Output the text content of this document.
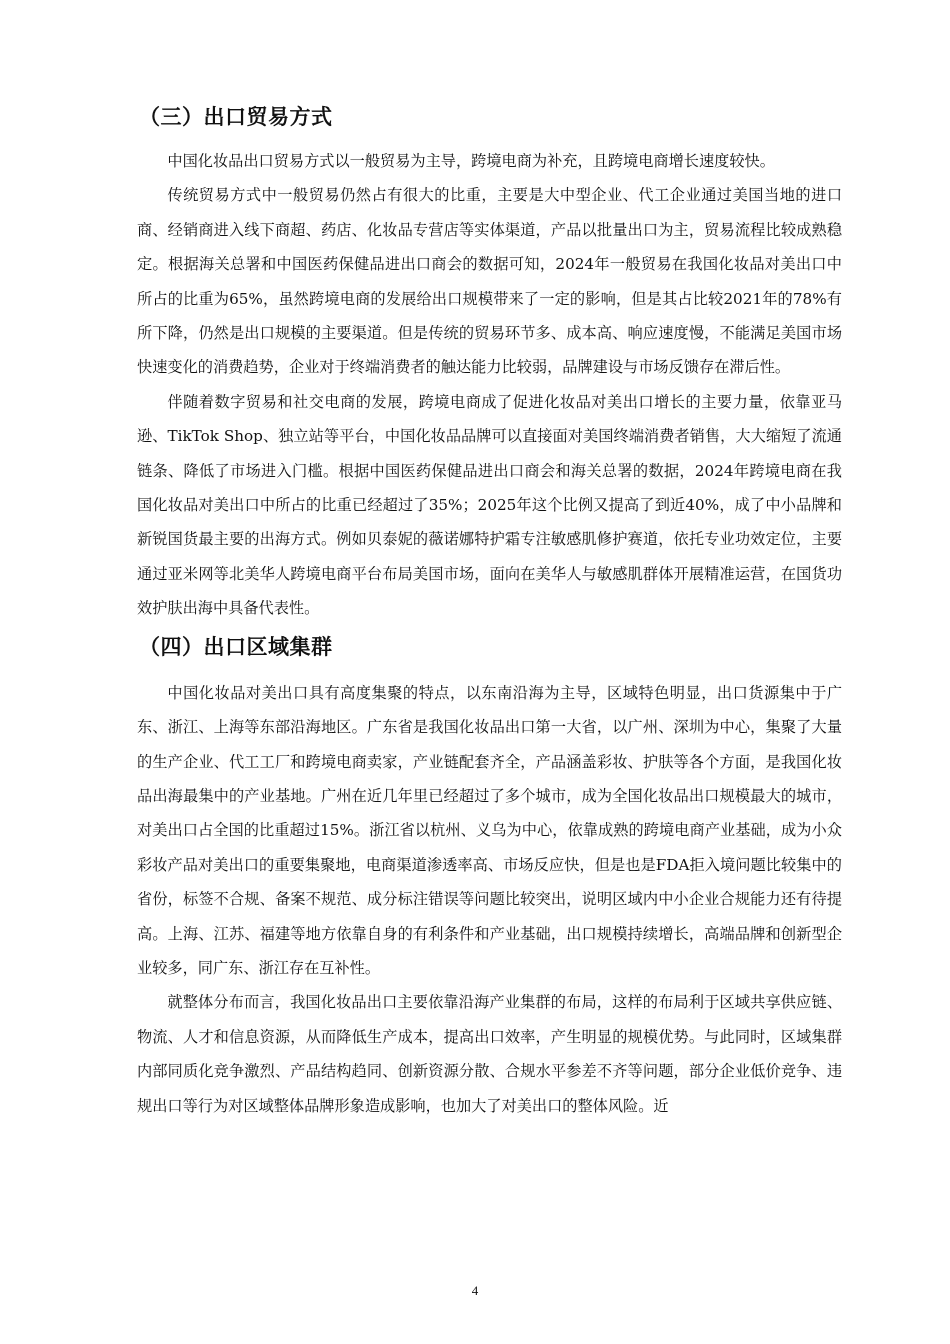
（三）出口贸易方式

中国化妆品出口贸易方式以一般贸易为主导，跨境电商为补充，且跨境电商增长速度较快。

传统贸易方式中一般贸易仍然占有很大的比重，主要是大中型企业、代工企业通过美国当地的进口商、经销商进入线下商超、药店、化妆品专营店等实体渠道，产品以批量出口为主，贸易流程比较成熟稳定。根据海关总署和中国医药保健品进出口商会的数据可知，2024年一般贸易在我国化妆品对美出口中所占的比重为65%，虽然跨境电商的发展给出口规模带来了一定的影响，但是其占比较2021年的78%有所下降，仍然是出口规模的主要渠道。但是传统的贸易环节多、成本高、响应速度慢，不能满足美国市场快速变化的消费趋势，企业对于终端消费者的触达能力比较弱，品牌建设与市场反馈存在滞后性。

伴随着数字贸易和社交电商的发展，跨境电商成了促进化妆品对美出口增长的主要力量，依靠亚马逊、TikTok Shop、独立站等平台，中国化妆品品牌可以直接面对美国终端消费者销售，大大缩短了流通链条、降低了市场进入门槛。根据中国医药保健品进出口商会和海关总署的数据，2024年跨境电商在我国化妆品对美出口中所占的比重已经超过了35%；2025年这个比例又提高了到近40%，成了中小品牌和新锐国货最主要的出海方式。例如贝泰妮的薇诺娜特护霜专注敏感肌修护赛道，依托专业功效定位，主要通过亚米网等北美华人跨境电商平台布局美国市场，面向在美华人与敏感肌群体开展精准运营，在国货功效护肤出海中具备代表性。

（四）出口区域集群

中国化妆品对美出口具有高度集聚的特点，以东南沿海为主导，区域特色明显，出口货源集中于广东、浙江、上海等东部沿海地区。广东省是我国化妆品出口第一大省，以广州、深圳为中心，集聚了大量的生产企业、代工工厂和跨境电商卖家，产业链配套齐全，产品涵盖彩妆、护肤等各个方面，是我国化妆品出海最集中的产业基地。广州在近几年里已经超过了多个城市，成为全国化妆品出口规模最大的城市，对美出口占全国的比重超过15%。浙江省以杭州、义乌为中心，依靠成熟的跨境电商产业基础，成为小众彩妆产品对美出口的重要集聚地，电商渠道渗透率高、市场反应快，但是也是FDA拒入境问题比较集中的省份，标签不合规、备案不规范、成分标注错误等问题比较突出，说明区域内中小企业合规能力还有待提高。上海、江苏、福建等地方依靠自身的有利条件和产业基础，出口规模持续增长，高端品牌和创新型企业较多，同广东、浙江存在互补性。

就整体分布而言，我国化妆品出口主要依靠沿海产业集群的布局，这样的布局利于区域共享供应链、物流、人才和信息资源，从而降低生产成本，提高出口效率，产生明显的规模优势。与此同时，区域集群内部同质化竞争激烈、产品结构趋同、创新资源分散、合规水平参差不齐等问题，部分企业低价竞争、违规出口等行为对区域整体品牌形象造成影响，也加大了对美出口的整体风险。近

4
